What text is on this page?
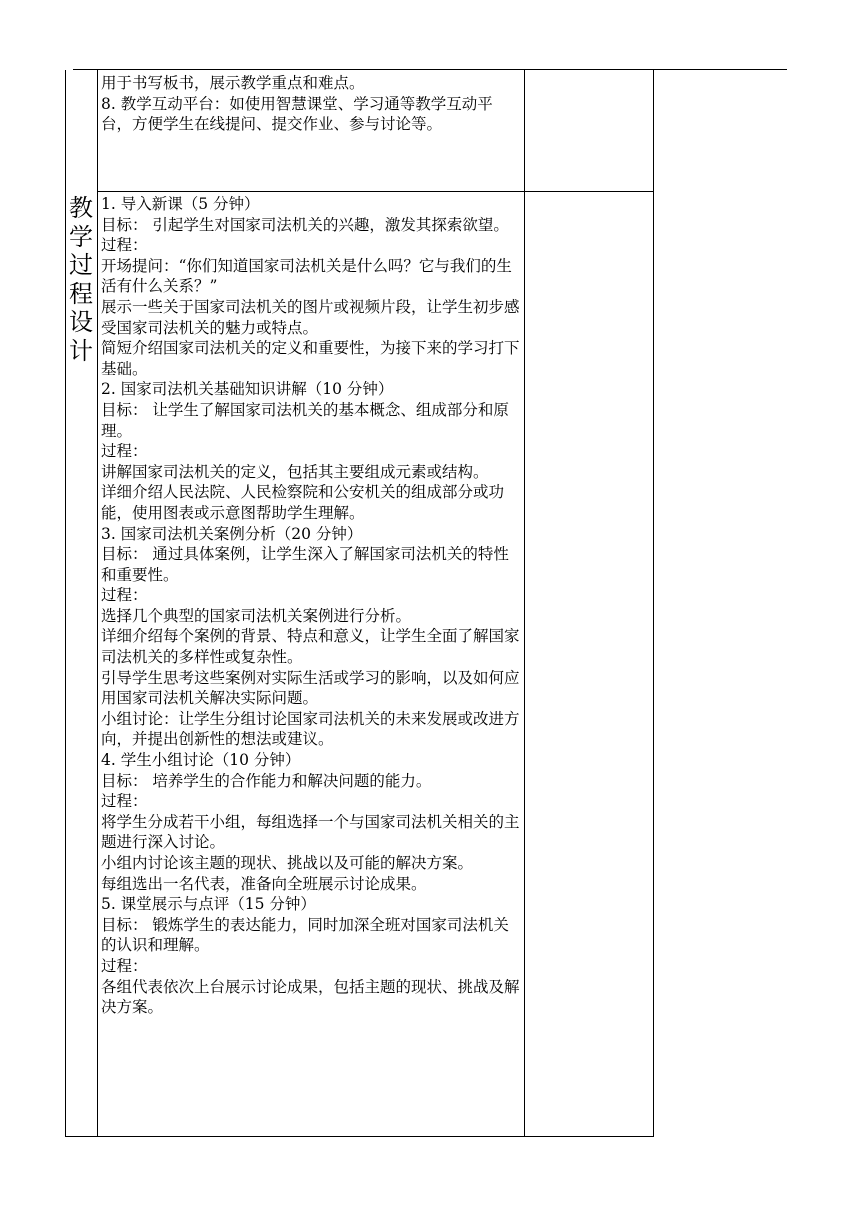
用于书写板书，展示教学重点和难点。

8. 教学互动平台：如使用智慧课堂、学习通等教学互动平台，方便学生在线提问、提交作业、参与讨论等。

教
学
过
程
设
计

1. 导入新课（5 分钟）

目标： 引起学生对国家司法机关的兴趣，激发其探索欲望。

过程：

开场提问：“你们知道国家司法机关是什么吗？它与我们的生活有什么关系？”

展示一些关于国家司法机关的图片或视频片段，让学生初步感受国家司法机关的魅力或特点。

简短介绍国家司法机关的定义和重要性，为接下来的学习打下基础。

2. 国家司法机关基础知识讲解（10 分钟）

目标： 让学生了解国家司法机关的基本概念、组成部分和原理。

过程：

讲解国家司法机关的定义，包括其主要组成元素或结构。

详细介绍人民法院、人民检察院和公安机关的组成部分或功能，使用图表或示意图帮助学生理解。

3. 国家司法机关案例分析（20 分钟）

目标： 通过具体案例，让学生深入了解国家司法机关的特性和重要性。

过程：

选择几个典型的国家司法机关案例进行分析。

详细介绍每个案例的背景、特点和意义，让学生全面了解国家司法机关的多样性或复杂性。

引导学生思考这些案例对实际生活或学习的影响，以及如何应用国家司法机关解决实际问题。

小组讨论：让学生分组讨论国家司法机关的未来发展或改进方向，并提出创新性的想法或建议。

4. 学生小组讨论（10 分钟）

目标： 培养学生的合作能力和解决问题的能力。

过程：

将学生分成若干小组，每组选择一个与国家司法机关相关的主题进行深入讨论。

小组内讨论该主题的现状、挑战以及可能的解决方案。

每组选出一名代表，准备向全班展示讨论成果。

5. 课堂展示与点评（15 分钟）

目标： 锻炼学生的表达能力，同时加深全班对国家司法机关的认识和理解。

过程：

各组代表依次上台展示讨论成果，包括主题的现状、挑战及解决方案。
